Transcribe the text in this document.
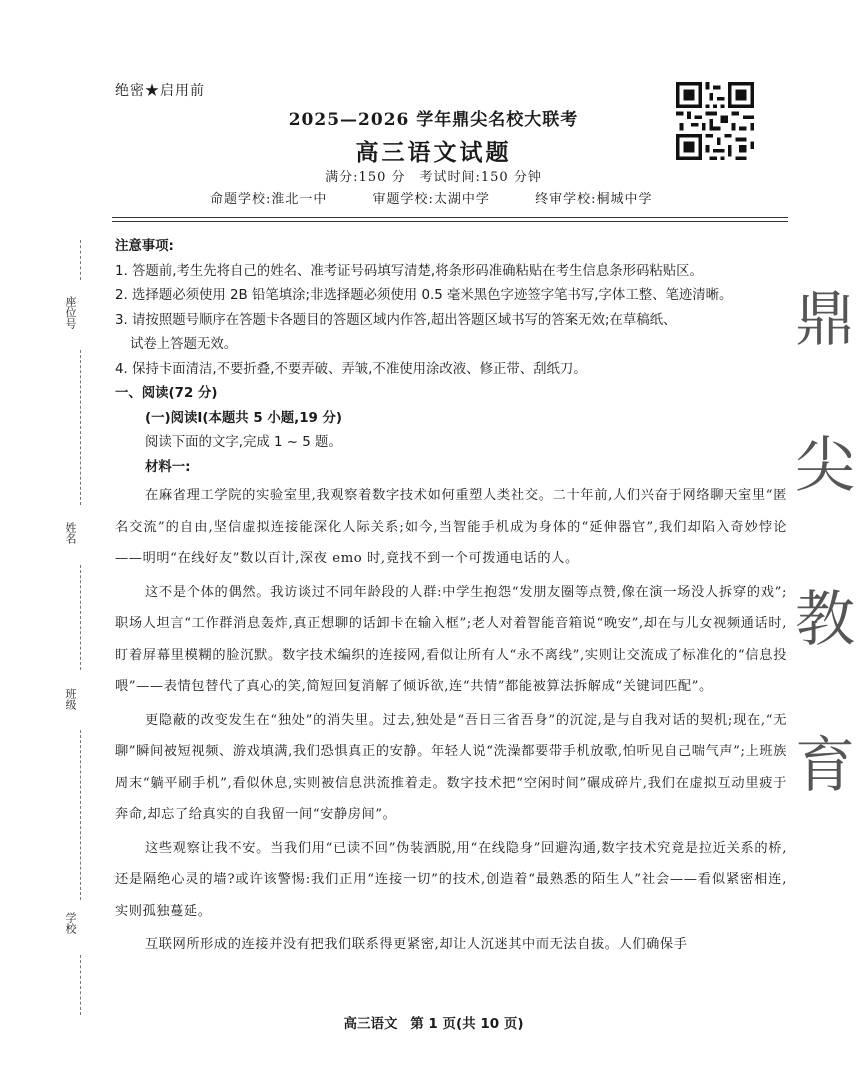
绝密★启用前
2025—2026 学年鼎尖名校大联考
高三语文试题
满分:150 分　考试时间:150 分钟
命题学校:淮北一中	审题学校:太湖中学	终审学校:桐城中学
注意事项:
1. 答题前,考生先将自己的姓名、准考证号码填写清楚,将条形码准确粘贴在考生信息条形码粘贴区。
2. 选择题必须使用 2B 铅笔填涂;非选择题必须使用 0.5 毫米黑色字迹签字笔书写,字体工整、笔迹清晰。
3. 请按照题号顺序在答题卡各题目的答题区域内作答,超出答题区域书写的答案无效;在草稿纸、
试卷上答题无效。
4. 保持卡面清洁,不要折叠,不要弄破、弄皱,不准使用涂改液、修正带、刮纸刀。
一、阅读(72 分)
(一)阅读Ⅰ(本题共 5 小题,19 分)
阅读下面的文字,完成 1 ~ 5 题。
材料一:
在麻省理工学院的实验室里,我观察着数字技术如何重塑人类社交。二十年前,人们兴奋于网络聊天室里“匿名交流”的自由,坚信虚拟连接能深化人际关系;如今,当智能手机成为身体的“延伸器官”,我们却陷入奇妙悖论——明明“在线好友”数以百计,深夜 emo 时,竟找不到一个可拨通电话的人。
这不是个体的偶然。我访谈过不同年龄段的人群:中学生抱怨“发朋友圈等点赞,像在演一场没人拆穿的戏”;职场人坦言“工作群消息轰炸,真正想聊的话卸卡在输入框”;老人对着智能音箱说“晚安”,却在与儿女视频通话时,盯着屏幕里模糊的脸沉默。数字技术编织的连接网,看似让所有人“永不离线”,实则让交流成了标准化的“信息投喂”——表情包替代了真心的笑,简短回复消解了倾诉欲,连“共情”都能被算法拆解成“关键词匹配”。
更隐蔽的改变发生在“独处”的消失里。过去,独处是“吾日三省吾身”的沉淀,是与自我对话的契机;现在,“无聊”瞬间被短视频、游戏填满,我们恐惧真正的安静。年轻人说“洗澡都要带手机放歌,怕听见自己喘气声”;上班族周末“躺平刷手机”,看似休息,实则被信息洪流推着走。数字技术把“空闲时间”碾成碎片,我们在虚拟互动里疲于奔命,却忘了给真实的自我留一间“安静房间”。
这些观察让我不安。当我们用“已读不回”伪装洒脱,用“在线隐身”回避沟通,数字技术究竟是拉近关系的桥,还是隔绝心灵的墙?或许该警惕:我们正用“连接一切”的技术,创造着“最熟悉的陌生人”社会——看似紧密相连,实则孤独蔓延。
互联网所形成的连接并没有把我们联系得更紧密,却让人沉迷其中而无法自拔。人们确保手
鼎
尖
教
育
座位号
姓名
班级
学校
高三语文 第 1 页(共 10 页)
